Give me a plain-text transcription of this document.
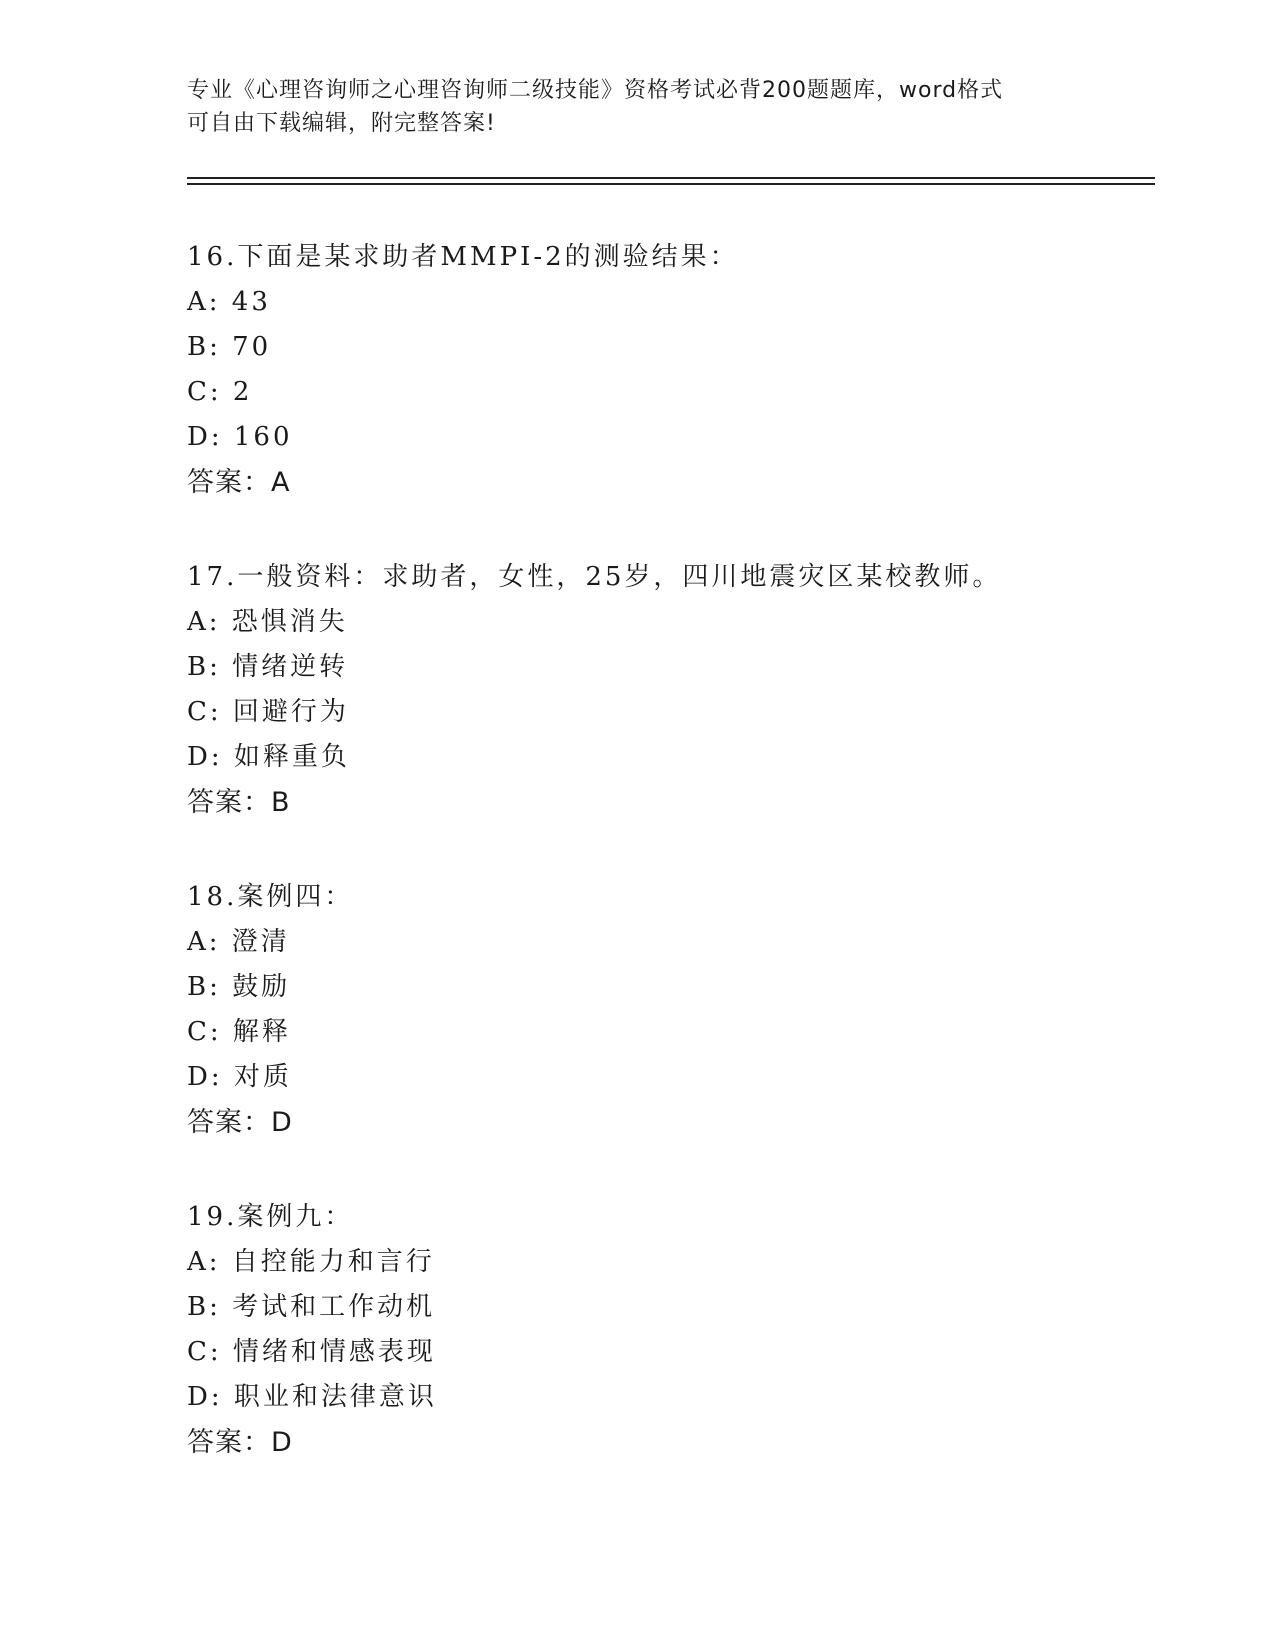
专业《心理咨询师之心理咨询师二级技能》资格考试必背200题题库，word格式
可自由下载编辑，附完整答案!
16.下面是某求助者MMPI-2的测验结果：
A: 43
B: 70
C: 2
D: 160
答案：A
17.一般资料：求助者，女性，25岁，四川地震灾区某校教师。
A: 恐惧消失
B: 情绪逆转
C: 回避行为
D: 如释重负
答案：B
18.案例四：
A: 澄清
B: 鼓励
C: 解释
D: 对质
答案：D
19.案例九：
A: 自控能力和言行
B: 考试和工作动机
C: 情绪和情感表现
D: 职业和法律意识
答案：D
